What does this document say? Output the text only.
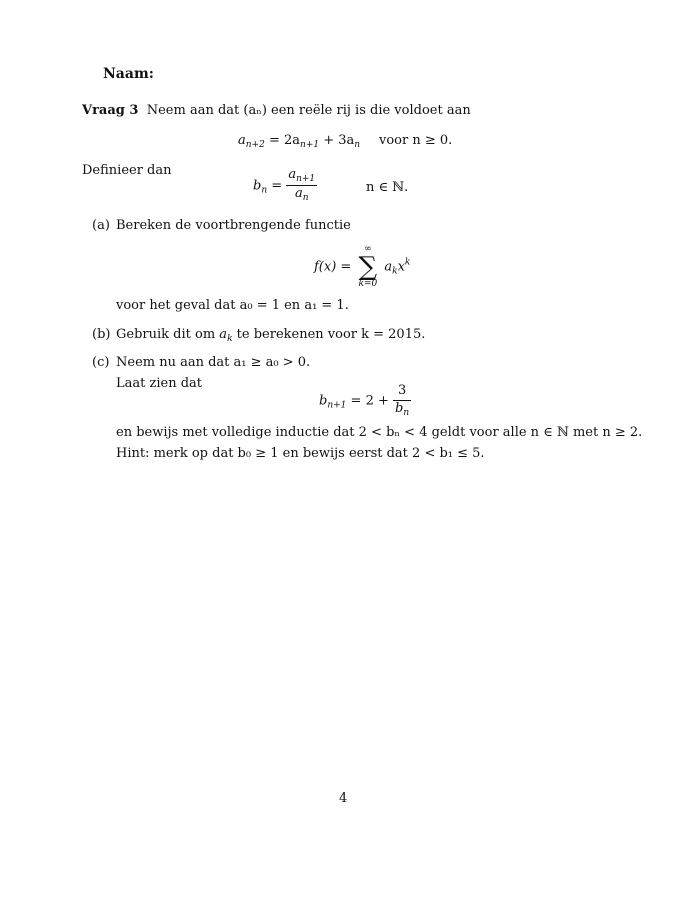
Naam:
Vraag 3 Neem aan dat (aₙ) een reële rij is die voldoet aan
$a_{n+2} = 2a_{n+1} + 3a_n$ voor n ≥ 0.
Definieer dan
$b_n = \frac{a_{n+1}}{a_n}$	n ∈ ℕ.
(a) Bereken de voortbrengende functie
f(x) =
∞
∑
k=0
$a_kx^k$
voor het geval dat a₀ = 1 en a₁ = 1.
(b) Gebruik dit om $a_k$ te berekenen voor k = 2015.
(c) Neem nu aan dat a₁ ≥ a₀ > 0.
Laat zien dat
$b_{n+1} = 2 + \frac{3}{b_n}$
en bewijs met volledige inductie dat 2 < bₙ < 4 geldt voor alle n ∈ ℕ met n ≥ 2.
Hint: merk op dat b₀ ≥ 1 en bewijs eerst dat 2 < b₁ ≤ 5.
4
